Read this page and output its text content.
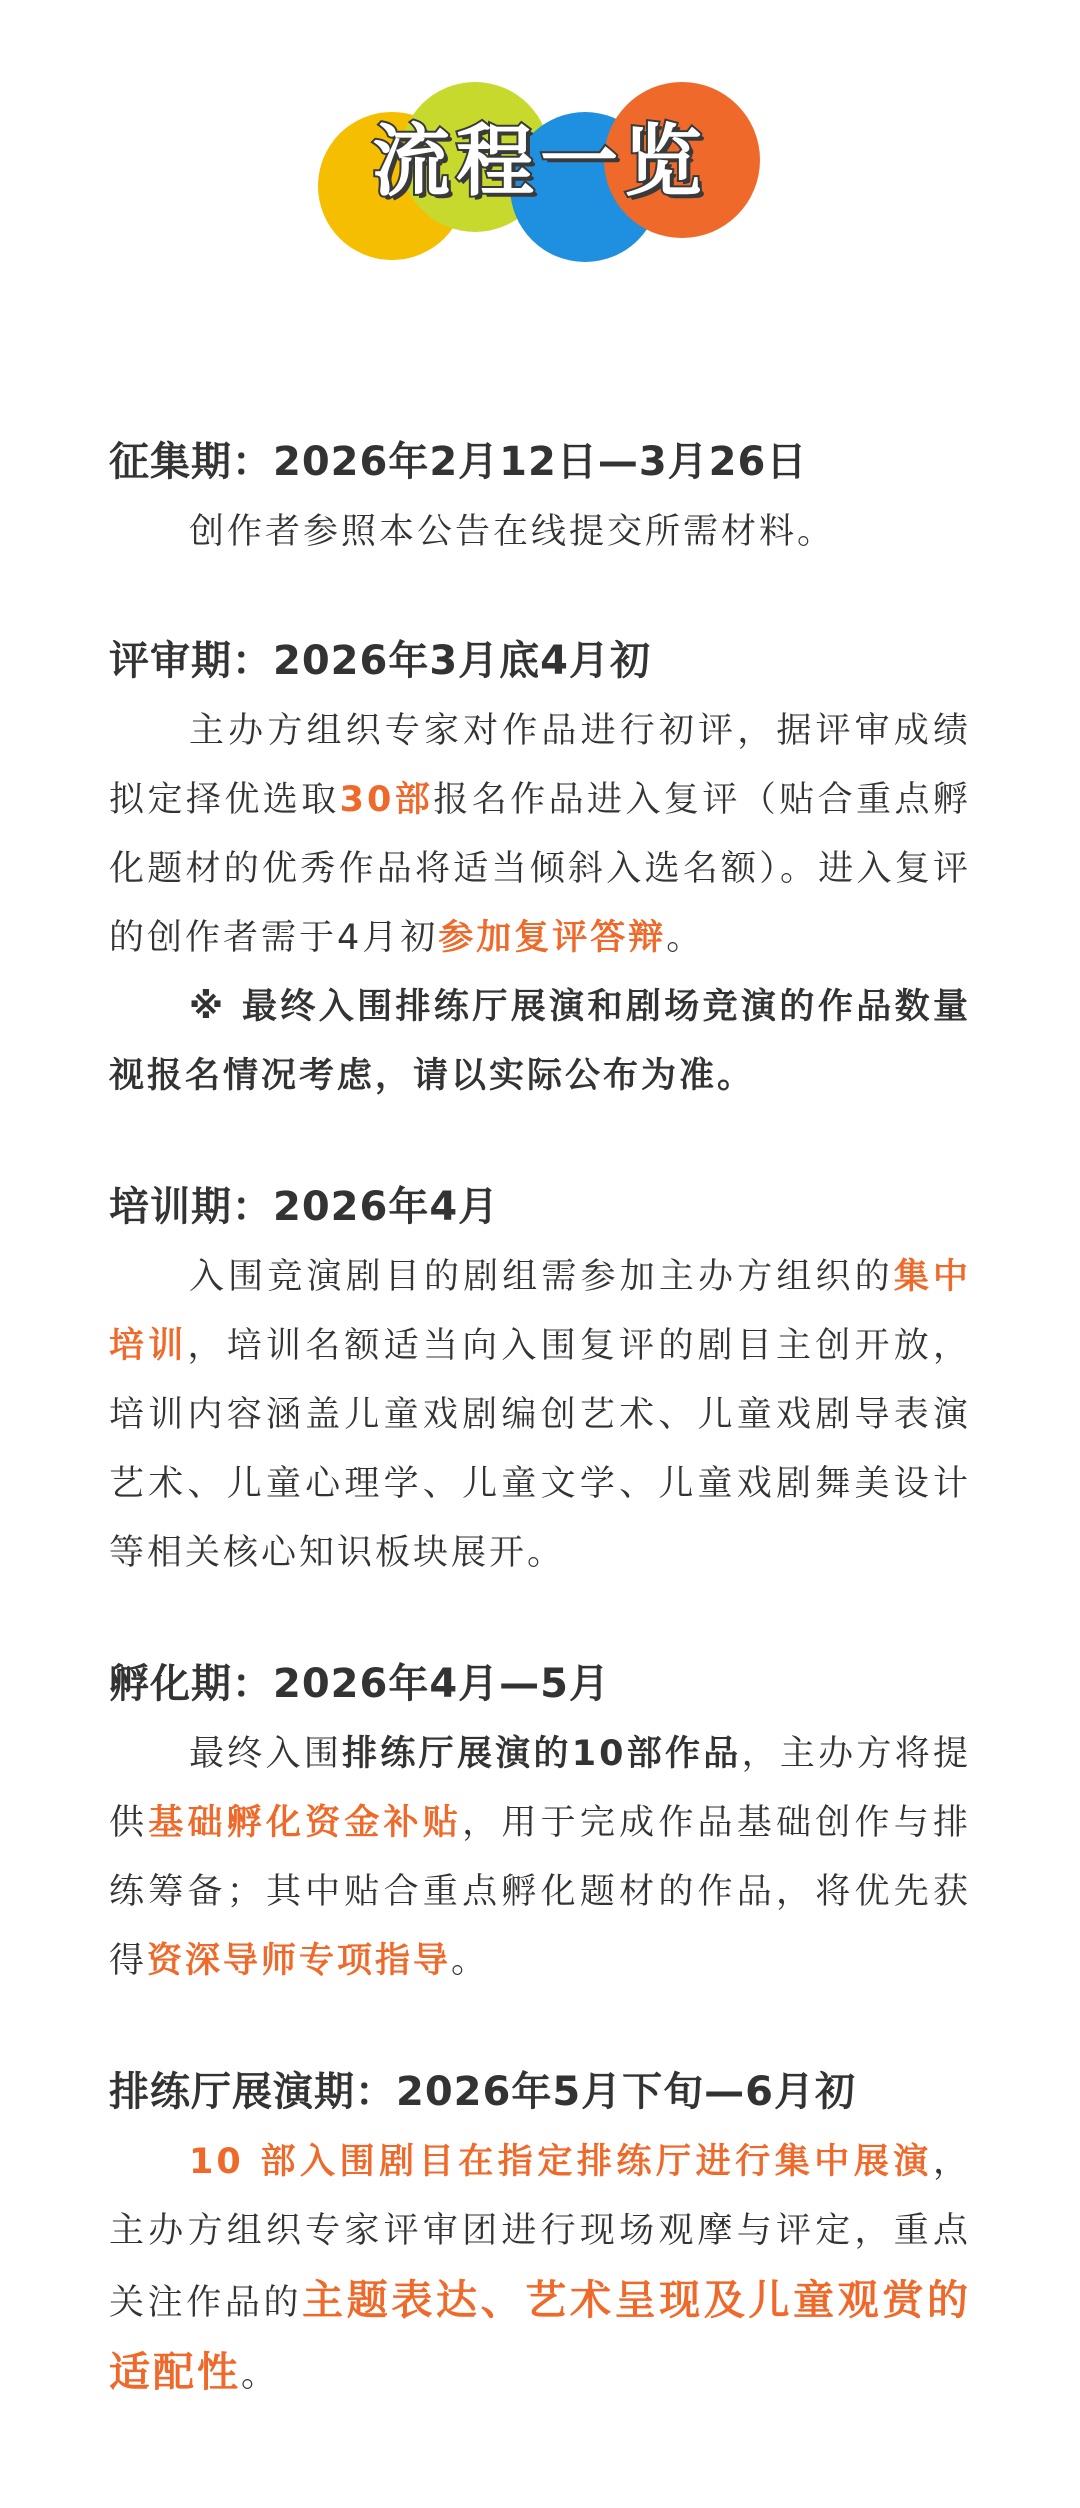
流程一览
征集期：2026年2月12日—3月26日

创作者参照本公告在线提交所需材料。

评审期：2026年3月底4月初

主办方组织专家对作品进行初评，据评审成绩拟定择优选取30部报名作品进入复评（贴合重点孵化题材的优秀作品将适当倾斜入选名额）。进入复评的创作者需于4月初参加复评答辩。

※ 最终入围排练厅展演和剧场竞演的作品数量视报名情况考虑，请以实际公布为准。

培训期：2026年4月

入围竞演剧目的剧组需参加主办方组织的集中培训，培训名额适当向入围复评的剧目主创开放，培训内容涵盖儿童戏剧编创艺术、儿童戏剧导表演艺术、儿童心理学、儿童文学、儿童戏剧舞美设计等相关核心知识板块展开。

孵化期：2026年4月—5月

最终入围排练厅展演的10部作品，主办方将提供基础孵化资金补贴，用于完成作品基础创作与排练筹备；其中贴合重点孵化题材的作品，将优先获得资深导师专项指导。

排练厅展演期：2026年5月下旬—6月初

10 部入围剧目在指定排练厅进行集中展演，主办方组织专家评审团进行现场观摩与评定，重点关注作品的主题表达、艺术呈现及儿童观赏的适配性。
